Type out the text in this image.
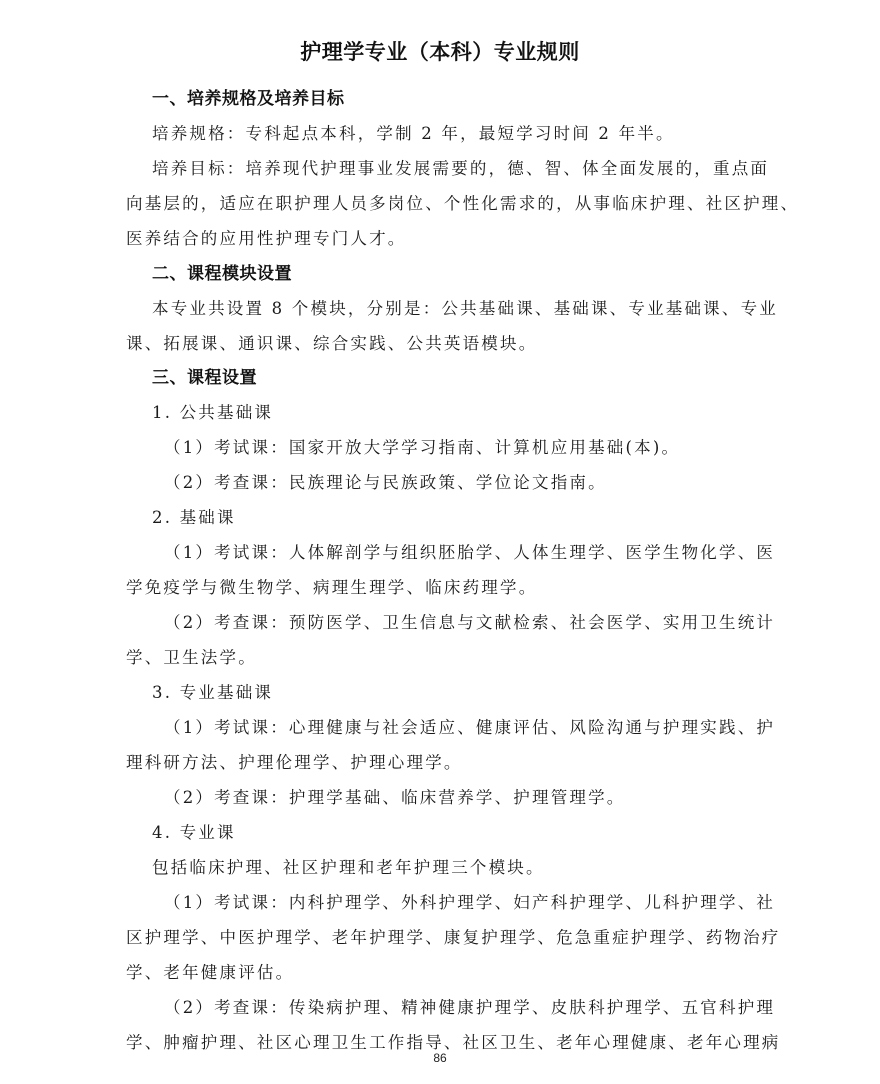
护理学专业（本科）专业规则
一、培养规格及培养目标
培养规格：专科起点本科，学制 2 年，最短学习时间 2 年半。
培养目标：培养现代护理事业发展需要的，德、智、体全面发展的，重点面
向基层的，适应在职护理人员多岗位、个性化需求的，从事临床护理、社区护理、
医养结合的应用性护理专门人才。
二、课程模块设置
本专业共设置 8 个模块，分别是：公共基础课、基础课、专业基础课、专业
课、拓展课、通识课、综合实践、公共英语模块。
三、课程设置
1. 公共基础课
（1）考试课：国家开放大学学习指南、计算机应用基础(本)。
（2）考查课：民族理论与民族政策、学位论文指南。
2. 基础课
（1）考试课：人体解剖学与组织胚胎学、人体生理学、医学生物化学、医
学免疫学与微生物学、病理生理学、临床药理学。
（2）考查课：预防医学、卫生信息与文献检索、社会医学、实用卫生统计
学、卫生法学。
3. 专业基础课
（1）考试课：心理健康与社会适应、健康评估、风险沟通与护理实践、护
理科研方法、护理伦理学、护理心理学。
（2）考查课：护理学基础、临床营养学、护理管理学。
4. 专业课
包括临床护理、社区护理和老年护理三个模块。
（1）考试课：内科护理学、外科护理学、妇产科护理学、儿科护理学、社
区护理学、中医护理学、老年护理学、康复护理学、危急重症护理学、药物治疗
学、老年健康评估。
（2）考查课：传染病护理、精神健康护理学、皮肤科护理学、五官科护理
学、肿瘤护理、社区心理卫生工作指导、社区卫生、老年心理健康、老年心理病
86
